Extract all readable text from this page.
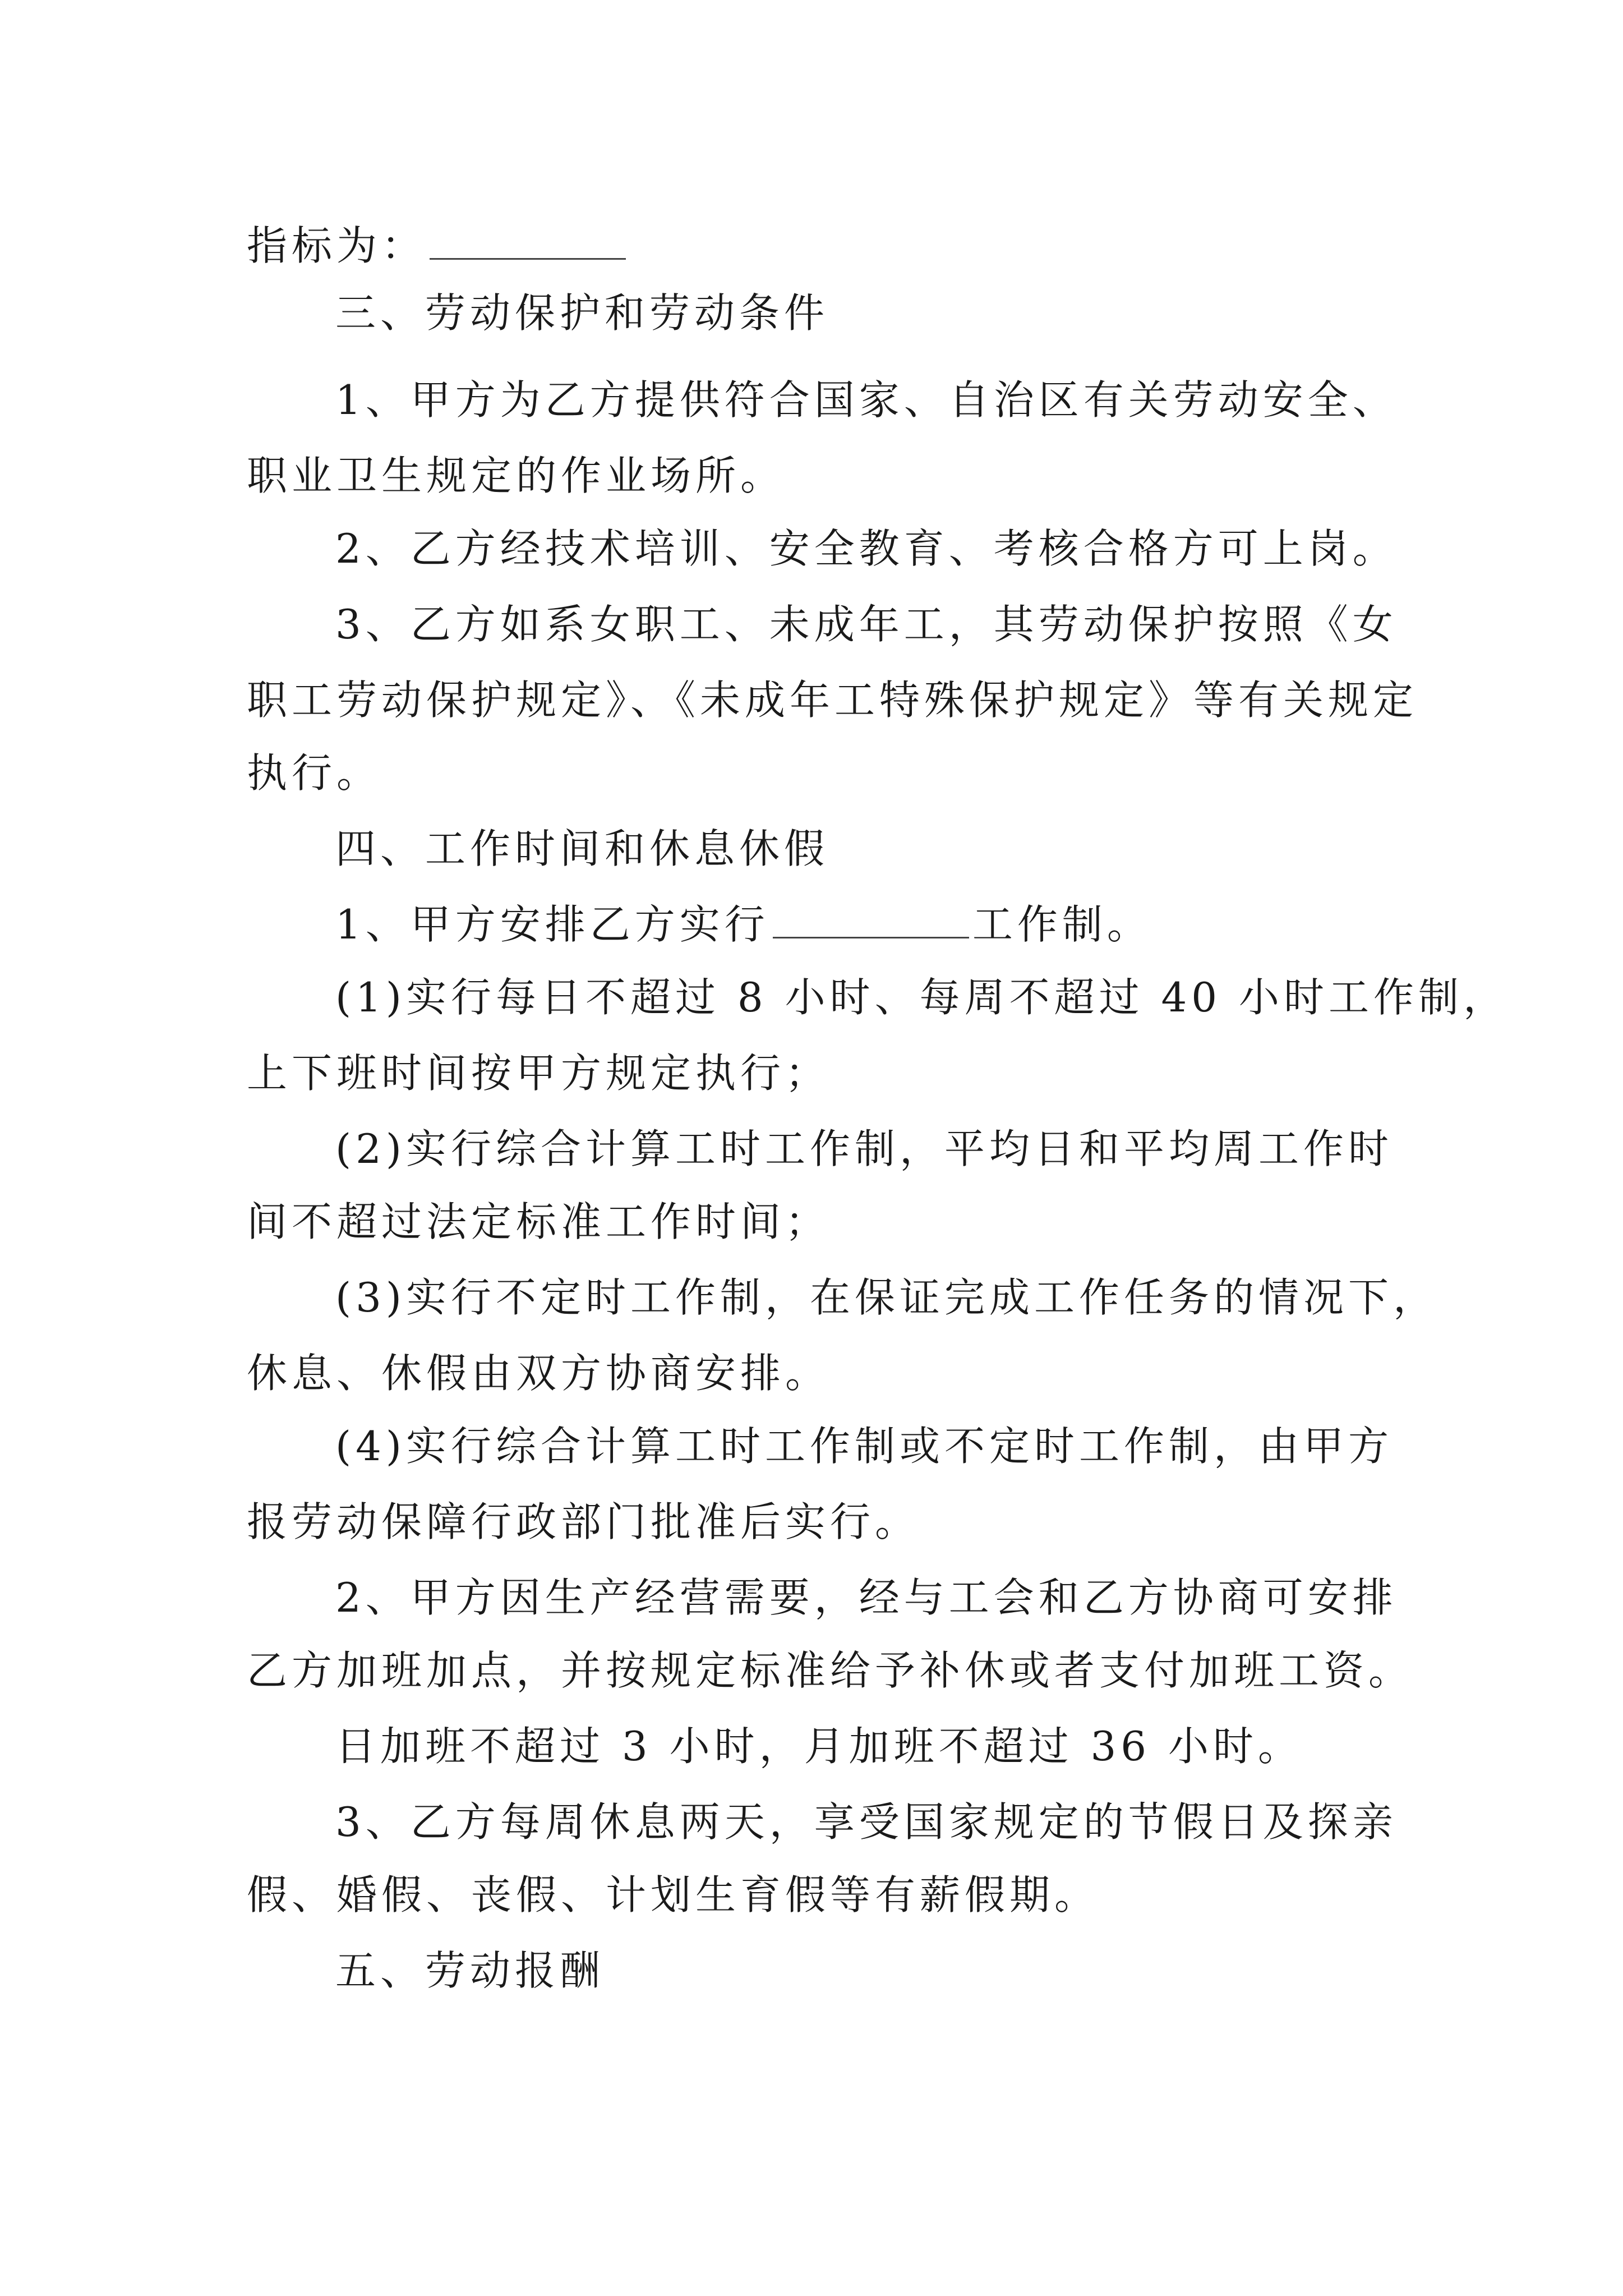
指标为：
三、劳动保护和劳动条件
1、甲方为乙方提供符合国家、自治区有关劳动安全、
职业卫生规定的作业场所。
2、乙方经技术培训、安全教育、考核合格方可上岗。
3、乙方如系女职工、未成年工，其劳动保护按照《女
职工劳动保护规定》、《未成年工特殊保护规定》等有关规定
执行。
四、工作时间和休息休假
1、甲方安排乙方实行	工作制。
(1)实行每日不超过 8 小时、每周不超过 40 小时工作制，
上下班时间按甲方规定执行；
(2)实行综合计算工时工作制，平均日和平均周工作时
间不超过法定标准工作时间；
(3)实行不定时工作制，在保证完成工作任务的情况下，
休息、休假由双方协商安排。
(4)实行综合计算工时工作制或不定时工作制，由甲方
报劳动保障行政部门批准后实行。
2、甲方因生产经营需要，经与工会和乙方协商可安排
乙方加班加点，并按规定标准给予补休或者支付加班工资。
日加班不超过 3 小时，月加班不超过 36 小时。
3、乙方每周休息两天，享受国家规定的节假日及探亲
假、婚假、丧假、计划生育假等有薪假期。
五、劳动报酬
